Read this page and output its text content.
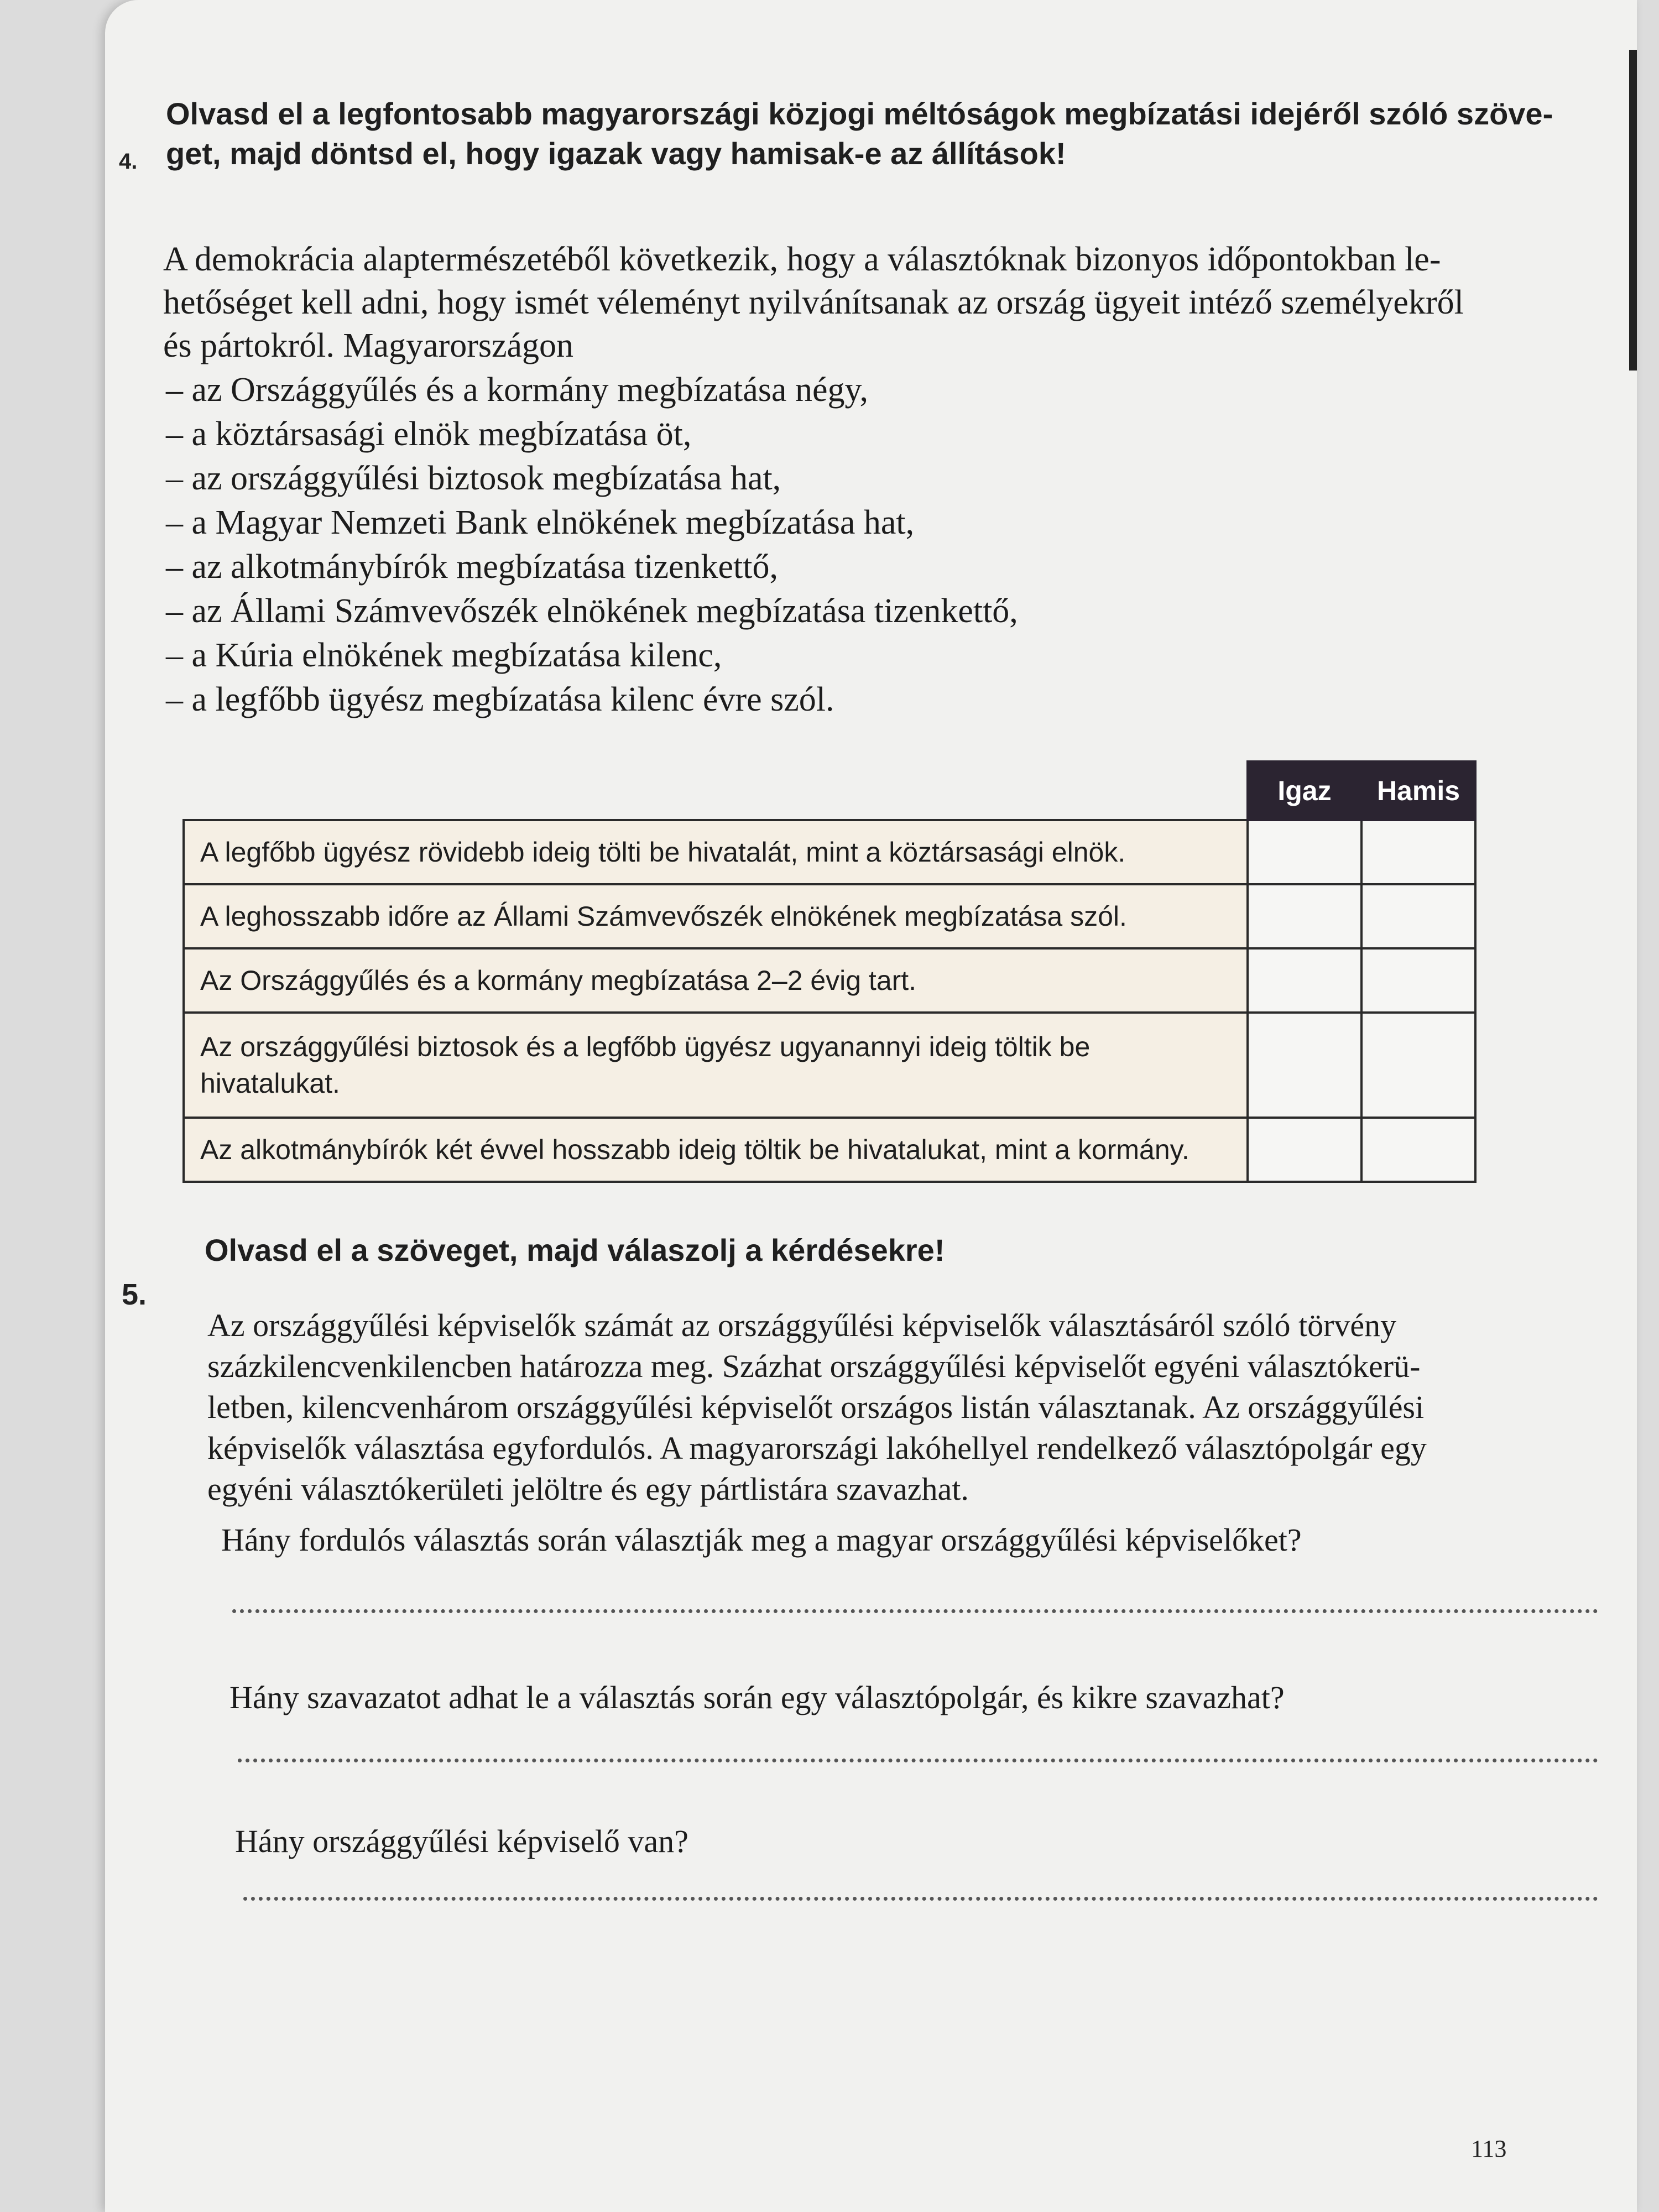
4.
Olvasd el a legfontosabb magyarországi közjogi méltóságok megbízatási idejéről szóló szöve-
get, majd döntsd el, hogy igazak vagy hamisak-e az állítások!

A demokrácia alaptermészetéből következik, hogy a választóknak bizonyos időpontokban le-

hetőséget kell adni, hogy ismét véleményt nyilvánítsanak az ország ügyeit intéző személyekről

és pártokról. Magyarországon

– az Országgyűlés és a kormány megbízatása négy,
– a köztársasági elnök megbízatása öt,
– az országgyűlési biztosok megbízatása hat,
– a Magyar Nemzeti Bank elnökének megbízatása hat,
– az alkotmánybírók megbízatása tizenkettő,
– az Állami Számvevőszék elnökének megbízatása tizenkettő,
– a Kúria elnökének megbízatása kilenc,
– a legfőbb ügyész megbízatása kilenc évre szól.
	Igaz	Hamis
A legfőbb ügyész rövidebb ideig tölti be hivatalát, mint a köztársasági elnök.		
A leghosszabb időre az Állami Számvevőszék elnökének megbízatása szól.		
Az Országgyűlés és a kormány megbízatása 2–2 évig tart.		
Az országgyűlési biztosok és a legfőbb ügyész ugyanannyi ideig töltik be hivatalukat.		
Az alkotmánybírók két évvel hosszabb ideig töltik be hivatalukat, mint a kormány.		
5.
Olvasd el a szöveget, majd válaszolj a kérdésekre!

Az országgyűlési képviselők számát az országgyűlési képviselők választásáról szóló törvény

százkilencvenkilencben határozza meg. Százhat országgyűlési képviselőt egyéni választókerü-

letben, kilencvenhárom országgyűlési képviselőt országos listán választanak. Az országgyűlési

képviselők választása egyfordulós. A magyarországi lakóhellyel rendelkező választópolgár egy

egyéni választókerületi jelöltre és egy pártlistára szavazhat.

Hány fordulós választás során választják meg a magyar országgyűlési képviselőket?
Hány szavazatot adhat le a választás során egy választópolgár, és kikre szavazhat?
Hány országgyűlési képviselő van?
113
